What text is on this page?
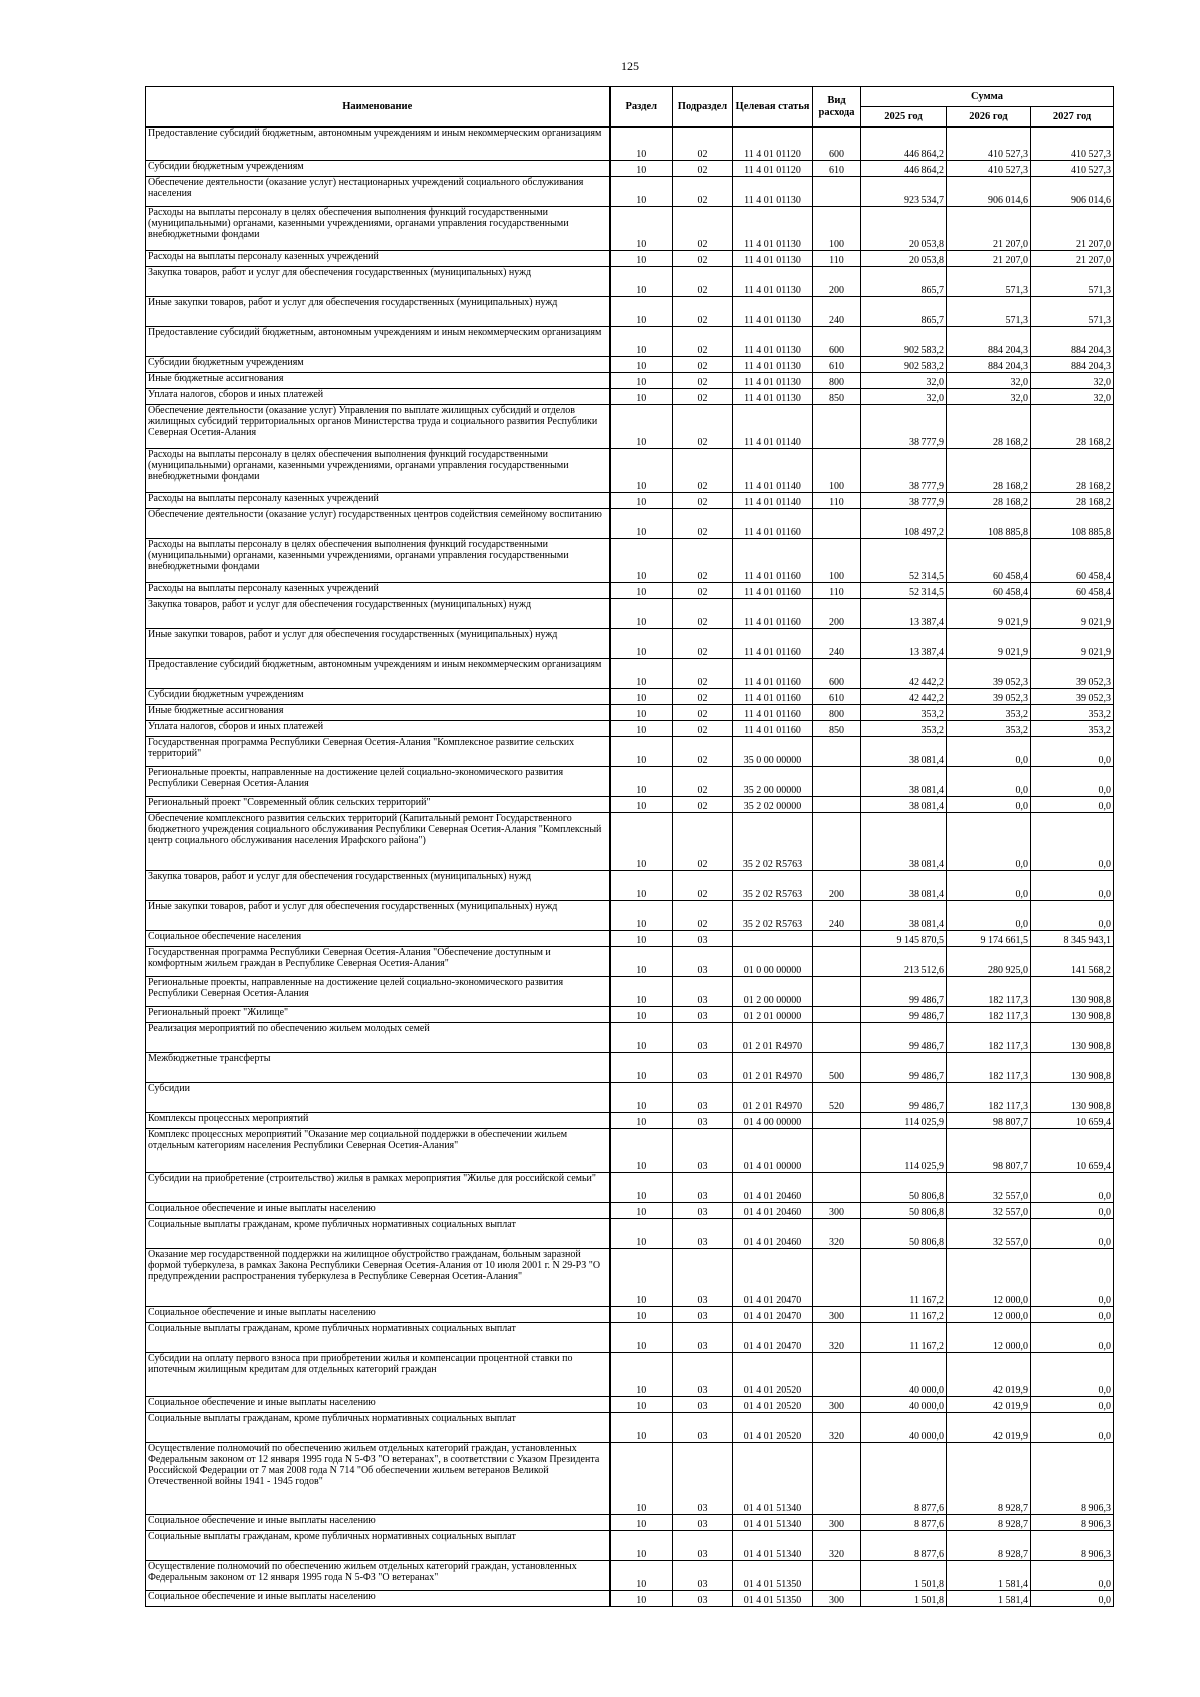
125
Наименование	Раздел	Подраздел	Целевая статья	Вид расхода	Сумма		
					2025 год	2026 год	2027 год
Предоставление субсидий бюджетным, автономным учреждениям и иным некоммерческим организациям	10	02	11 4 01 01120	600	446 864,2	410 527,3	410 527,3
Субсидии бюджетным учреждениям	10	02	11 4 01 01120	610	446 864,2	410 527,3	410 527,3
Обеспечение деятельности (оказание услуг) нестационарных учреждений социального обслуживания населения	10	02	11 4 01 01130		923 534,7	906 014,6	906 014,6
Расходы на выплаты персоналу в целях обеспечения выполнения функций государственными (муниципальными) органами, казенными учреждениями, органами управления государственными внебюджетными фондами	10	02	11 4 01 01130	100	20 053,8	21 207,0	21 207,0
Расходы на выплаты персоналу казенных учреждений	10	02	11 4 01 01130	110	20 053,8	21 207,0	21 207,0
Закупка товаров, работ и услуг для обеспечения государственных (муниципальных) нужд	10	02	11 4 01 01130	200	865,7	571,3	571,3
Иные закупки товаров, работ и услуг для обеспечения государственных (муниципальных) нужд	10	02	11 4 01 01130	240	865,7	571,3	571,3
Предоставление субсидий бюджетным, автономным учреждениям и иным некоммерческим организациям	10	02	11 4 01 01130	600	902 583,2	884 204,3	884 204,3
Субсидии бюджетным учреждениям	10	02	11 4 01 01130	610	902 583,2	884 204,3	884 204,3
Иные бюджетные ассигнования	10	02	11 4 01 01130	800	32,0	32,0	32,0
Уплата налогов, сборов и иных платежей	10	02	11 4 01 01130	850	32,0	32,0	32,0
Обеспечение деятельности (оказание услуг) Управления по выплате жилищных субсидий и отделов жилищных субсидий территориальных органов Министерства труда и социального развития Республики Северная Осетия-Алания	10	02	11 4 01 01140		38 777,9	28 168,2	28 168,2
Расходы на выплаты персоналу в целях обеспечения выполнения функций государственными (муниципальными) органами, казенными учреждениями, органами управления государственными внебюджетными фондами	10	02	11 4 01 01140	100	38 777,9	28 168,2	28 168,2
Расходы на выплаты персоналу казенных учреждений	10	02	11 4 01 01140	110	38 777,9	28 168,2	28 168,2
Обеспечение деятельности (оказание услуг) государственных центров содействия семейному воспитанию	10	02	11 4 01 01160		108 497,2	108 885,8	108 885,8
Расходы на выплаты персоналу в целях обеспечения выполнения функций государственными (муниципальными) органами, казенными учреждениями, органами управления государственными внебюджетными фондами	10	02	11 4 01 01160	100	52 314,5	60 458,4	60 458,4
Расходы на выплаты персоналу казенных учреждений	10	02	11 4 01 01160	110	52 314,5	60 458,4	60 458,4
Закупка товаров, работ и услуг для обеспечения государственных (муниципальных) нужд	10	02	11 4 01 01160	200	13 387,4	9 021,9	9 021,9
Иные закупки товаров, работ и услуг для обеспечения государственных (муниципальных) нужд	10	02	11 4 01 01160	240	13 387,4	9 021,9	9 021,9
Предоставление субсидий бюджетным, автономным учреждениям и иным некоммерческим организациям	10	02	11 4 01 01160	600	42 442,2	39 052,3	39 052,3
Субсидии бюджетным учреждениям	10	02	11 4 01 01160	610	42 442,2	39 052,3	39 052,3
Иные бюджетные ассигнования	10	02	11 4 01 01160	800	353,2	353,2	353,2
Уплата налогов, сборов и иных платежей	10	02	11 4 01 01160	850	353,2	353,2	353,2
Государственная программа Республики Северная Осетия-Алания "Комплексное развитие сельских территорий"	10	02	35 0 00 00000		38 081,4	0,0	0,0
Региональные проекты, направленные на достижение целей социально-экономического развития Республики Северная Осетия-Алания	10	02	35 2 00 00000		38 081,4	0,0	0,0
Региональный проект "Современный облик сельских территорий"	10	02	35 2 02 00000		38 081,4	0,0	0,0
Обеспечение комплексного развития сельских территорий (Капитальный ремонт Государственного бюджетного учреждения социального обслуживания Республики Северная Осетия-Алания "Комплексный центр социального обслуживания населения Ирафского района")	10	02	35 2 02 R5763		38 081,4	0,0	0,0
Закупка товаров, работ и услуг для обеспечения государственных (муниципальных) нужд	10	02	35 2 02 R5763	200	38 081,4	0,0	0,0
Иные закупки товаров, работ и услуг для обеспечения государственных (муниципальных) нужд	10	02	35 2 02 R5763	240	38 081,4	0,0	0,0
Социальное обеспечение населения	10	03			9 145 870,5	9 174 661,5	8 345 943,1
Государственная программа Республики Северная Осетия-Алания "Обеспечение доступным и комфортным жильем граждан в Республике Северная Осетия-Алания"	10	03	01 0 00 00000		213 512,6	280 925,0	141 568,2
Региональные проекты, направленные на достижение целей социально-экономического развития Республики Северная Осетия-Алания	10	03	01 2 00 00000		99 486,7	182 117,3	130 908,8
Региональный проект "Жилище"	10	03	01 2 01 00000		99 486,7	182 117,3	130 908,8
Реализация мероприятий по обеспечению жильем молодых семей	10	03	01 2 01 R4970		99 486,7	182 117,3	130 908,8
Межбюджетные трансферты	10	03	01 2 01 R4970	500	99 486,7	182 117,3	130 908,8
Субсидии	10	03	01 2 01 R4970	520	99 486,7	182 117,3	130 908,8
Комплексы процессных мероприятий	10	03	01 4 00 00000		114 025,9	98 807,7	10 659,4
Комплекс процессных мероприятий "Оказание мер социальной поддержки в обеспечении жильем отдельным категориям населения Республики Северная Осетия-Алания"	10	03	01 4 01 00000		114 025,9	98 807,7	10 659,4
Субсидии на приобретение (строительство) жилья в рамках мероприятия "Жилье для российской семьи"	10	03	01 4 01 20460		50 806,8	32 557,0	0,0
Социальное обеспечение и иные выплаты населению	10	03	01 4 01 20460	300	50 806,8	32 557,0	0,0
Социальные выплаты гражданам, кроме публичных нормативных социальных выплат	10	03	01 4 01 20460	320	50 806,8	32 557,0	0,0
Оказание мер государственной поддержки на жилищное обустройство гражданам, больным заразной формой туберкулеза, в рамках Закона Республики Северная Осетия-Алания от 10 июля 2001 г. N 29-РЗ "О предупреждении распространения туберкулеза в Республике Северная Осетия-Алания"	10	03	01 4 01 20470		11 167,2	12 000,0	0,0
Социальное обеспечение и иные выплаты населению	10	03	01 4 01 20470	300	11 167,2	12 000,0	0,0
Социальные выплаты гражданам, кроме публичных нормативных социальных выплат	10	03	01 4 01 20470	320	11 167,2	12 000,0	0,0
Субсидии на оплату первого взноса при приобретении жилья и компенсации процентной ставки по ипотечным жилищным кредитам для отдельных категорий граждан	10	03	01 4 01 20520		40 000,0	42 019,9	0,0
Социальное обеспечение и иные выплаты населению	10	03	01 4 01 20520	300	40 000,0	42 019,9	0,0
Социальные выплаты гражданам, кроме публичных нормативных социальных выплат	10	03	01 4 01 20520	320	40 000,0	42 019,9	0,0
Осуществление полномочий по обеспечению жильем отдельных категорий граждан, установленных Федеральным законом от 12 января 1995 года N 5-ФЗ "О ветеранах", в соответствии с Указом Президента Российской Федерации от 7 мая 2008 года N 714 "Об обеспечении жильем ветеранов Великой Отечественной войны 1941 - 1945 годов"	10	03	01 4 01 51340		8 877,6	8 928,7	8 906,3
Социальное обеспечение и иные выплаты населению	10	03	01 4 01 51340	300	8 877,6	8 928,7	8 906,3
Социальные выплаты гражданам, кроме публичных нормативных социальных выплат	10	03	01 4 01 51340	320	8 877,6	8 928,7	8 906,3
Осуществление полномочий по обеспечению жильем отдельных категорий граждан, установленных Федеральным законом от 12 января 1995 года N 5-ФЗ "О ветеранах"	10	03	01 4 01 51350		1 501,8	1 581,4	0,0
Социальное обеспечение и иные выплаты населению	10	03	01 4 01 51350	300	1 501,8	1 581,4	0,0
